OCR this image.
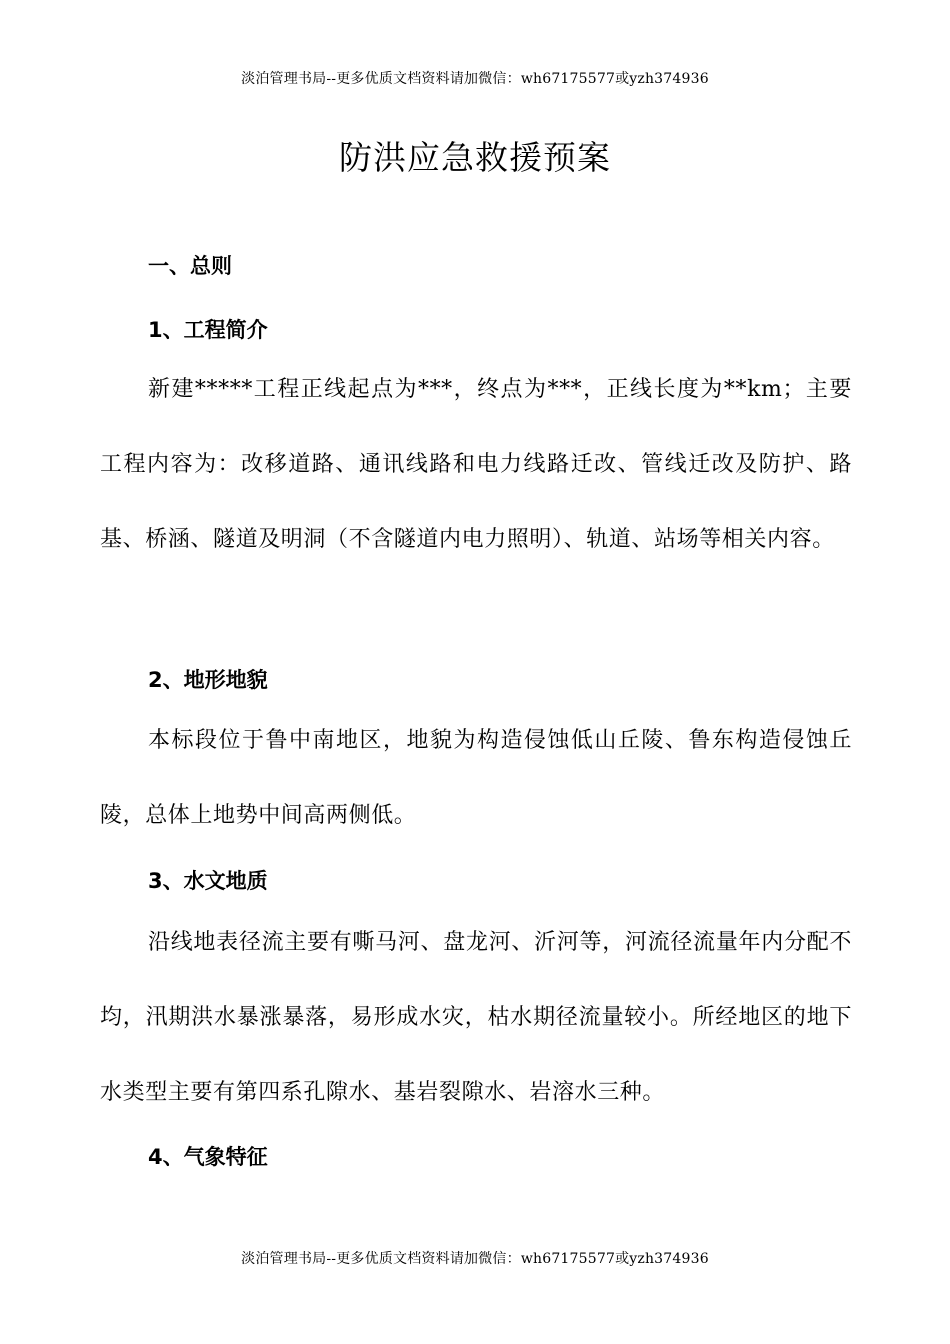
淡泊管理书局--更多优质文档资料请加微信：wh67175577或yzh374936
防洪应急救援预案
一、总则
1、工程简介

新建*****工程正线起点为***，终点为***，正线长度为**km；主要工程内容为：改移道路、通讯线路和电力线路迁改、管线迁改及防护、路基、桥涵、隧道及明洞（不含隧道内电力照明）、轨道、站场等相关内容。

2、地形地貌

本标段位于鲁中南地区，地貌为构造侵蚀低山丘陵、鲁东构造侵蚀丘陵，总体上地势中间高两侧低。

3、水文地质

沿线地表径流主要有嘶马河、盘龙河、沂河等，河流径流量年内分配不均，汛期洪水暴涨暴落，易形成水灾，枯水期径流量较小。所经地区的地下水类型主要有第四系孔隙水、基岩裂隙水、岩溶水三种。

4、气象特征
淡泊管理书局--更多优质文档资料请加微信：wh67175577或yzh374936
